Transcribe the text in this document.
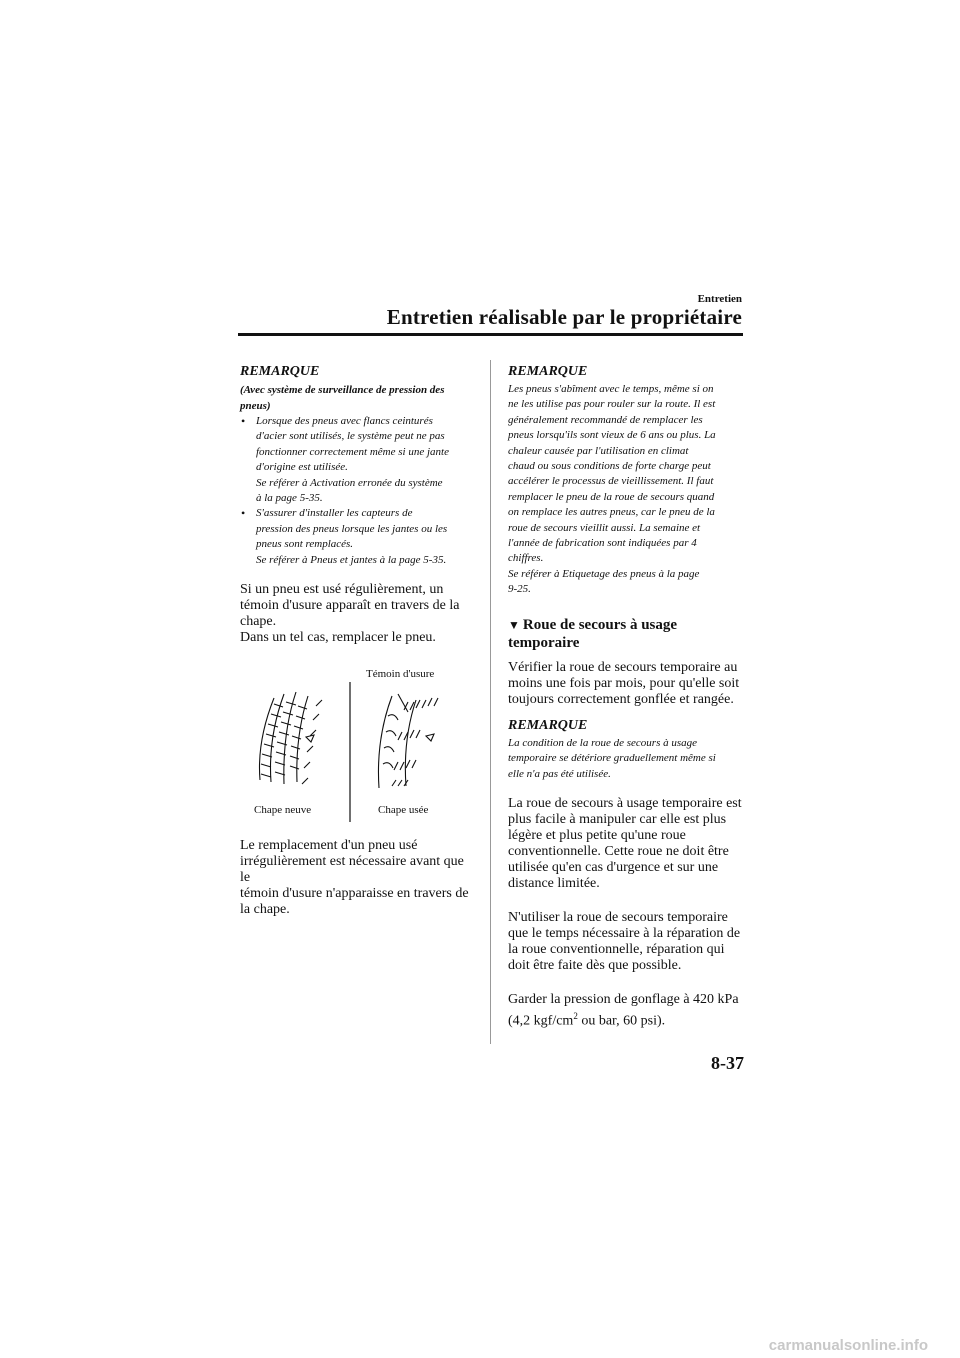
Entretien
Entretien réalisable par le propriétaire

REMARQUE

(Avec système de surveillance de pression des pneus)

• Lorsque des pneus avec flancs ceinturés
d'acier sont utilisés, le système peut ne pas
fonctionner correctement même si une jante
d'origine est utilisée.
Se référer à Activation erronée du système
à la page 5-35.
• S'assurer d'installer les capteurs de
pression des pneus lorsque les jantes ou les
pneus sont remplacés.
Se référer à Pneus et jantes à la page 5-35.

Si un pneu est usé régulièrement, un
témoin d'usure apparaît en travers de la
chape.
Dans un tel cas, remplacer le pneu.

Témoin d'usure
Chape neuve	Chape usée

Le remplacement d'un pneu usé
irrégulièrement est nécessaire avant que le
témoin d'usure n'apparaisse en travers de
la chape.

REMARQUE

Les pneus s'abîment avec le temps, même si on
ne les utilise pas pour rouler sur la route. Il est
généralement recommandé de remplacer les
pneus lorsqu'ils sont vieux de 6 ans ou plus. La
chaleur causée par l'utilisation en climat
chaud ou sous conditions de forte charge peut
accélérer le processus de vieillissement. Il faut
remplacer le pneu de la roue de secours quand
on remplace les autres pneus, car le pneu de la
roue de secours vieillit aussi. La semaine et
l'année de fabrication sont indiquées par 4
chiffres.
Se référer à Etiquetage des pneus à la page
9-25.

▼ Roue de secours à usage temporaire

Vérifier la roue de secours temporaire au
moins une fois par mois, pour qu'elle soit
toujours correctement gonflée et rangée.

REMARQUE

La condition de la roue de secours à usage
temporaire se détériore graduellement même si
elle n'a pas été utilisée.

La roue de secours à usage temporaire est
plus facile à manipuler car elle est plus
légère et plus petite qu'une roue
conventionnelle. Cette roue ne doit être
utilisée qu'en cas d'urgence et sur une
distance limitée.

N'utiliser la roue de secours temporaire
que le temps nécessaire à la réparation de
la roue conventionnelle, réparation qui
doit être faite dès que possible.

Garder la pression de gonflage à 420 kPa
(4,2 kgf/$cm^2$ ou bar, 60 psi).

8-37
carmanualsonline.info
